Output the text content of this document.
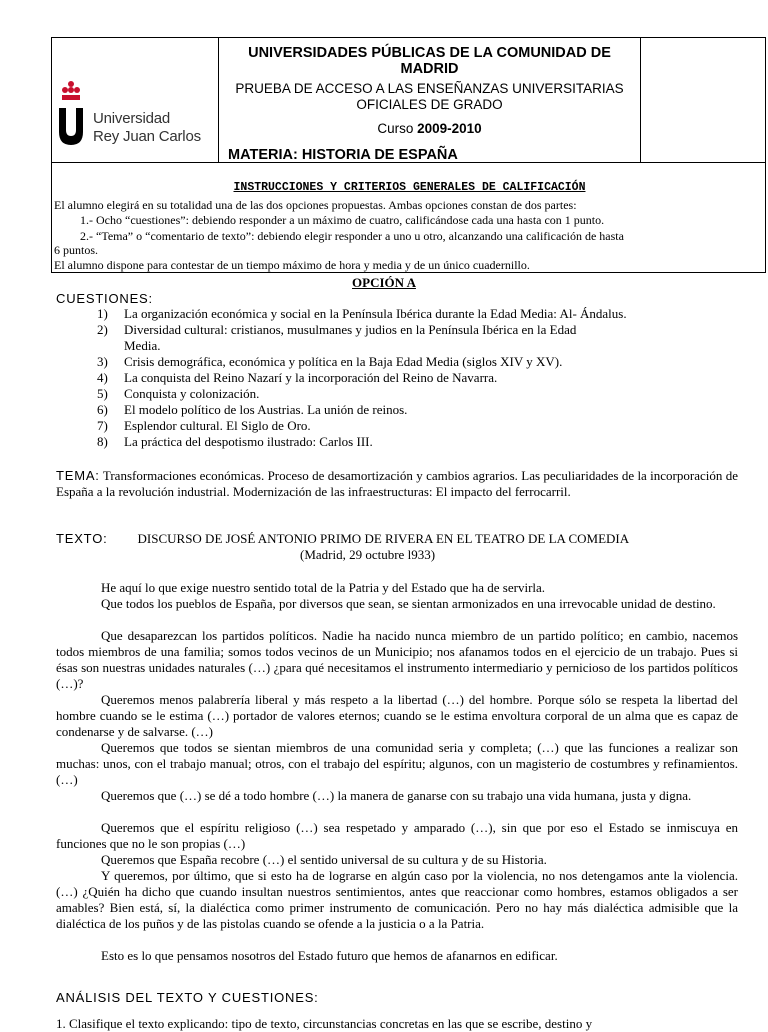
Universidad
Rey Juan Carlos
UNIVERSIDADES PÚBLICAS DE LA COMUNIDAD DE MADRID
PRUEBA DE ACCESO A LAS ENSEÑANZAS UNIVERSITARIAS
OFICIALES DE GRADO
Curso 2009-2010
MATERIA: HISTORIA DE ESPAÑA
INSTRUCCIONES Y CRITERIOS GENERALES DE CALIFICACIÓN

El alumno elegirá en su totalidad una de las dos opciones propuestas. Ambas opciones constan de dos partes:

1.- Ocho “cuestiones”: debiendo responder a un máximo de cuatro, calificándose cada una hasta con 1 punto.

2.- “Tema” o “comentario de texto”: debiendo elegir responder a uno u otro, alcanzando una calificación de hasta

6 puntos.

El alumno dispone para contestar de un tiempo máximo de hora y media y de un único cuadernillo.

OPCIÓN A
CUESTIONES:
1) La organización económica y social en la Península Ibérica durante la Edad Media: Al- Ándalus.
2) Diversidad cultural: cristianos, musulmanes y judios en la Península Ibérica en la Edad
Media.
3) Crisis demográfica, económica y política en la Baja Edad Media (siglos XIV y XV).
4) La conquista del Reino Nazarí y la incorporación del Reino de Navarra.
5) Conquista y colonización.
6) El modelo político de los Austrias. La unión de reinos.
7) Esplendor cultural. El Siglo de Oro.
8) La práctica del despotismo ilustrado: Carlos III.

TEMA: Transformaciones económicas. Proceso de desamortización y cambios agrarios. Las peculiaridades de la incorporación de España a la revolución industrial. Modernización de las infraestructuras: El impacto del ferrocarril.

TEXTO: DISCURSO DE JOSÉ ANTONIO PRIMO DE RIVERA EN EL TEATRO DE LA COMEDIA
(Madrid, 29 octubre l933)

He aquí lo que exige nuestro sentido total de la Patria y del Estado que ha de servirla.

Que todos los pueblos de España, por diversos que sean, se sientan armonizados en una irrevocable unidad de destino.

Que desaparezcan los partidos políticos. Nadie ha nacido nunca miembro de un partido político; en cambio, nacemos todos miembros de una familia; somos todos vecinos de un Municipio; nos afanamos todos en el ejercicio de un trabajo. Pues si ésas son nuestras unidades naturales (…) ¿para qué necesitamos el instrumento intermediario y pernicioso de los partidos políticos (…)?

Queremos menos palabrería liberal y más respeto a la libertad (…) del hombre. Porque sólo se respeta la libertad del hombre cuando se le estima (…) portador de valores eternos; cuando se le estima envoltura corporal de un alma que es capaz de condenarse y de salvarse. (…)

Queremos que todos se sientan miembros de una comunidad seria y completa; (…) que las funciones a realizar son muchas: unos, con el trabajo manual; otros, con el trabajo del espíritu; algunos, con un magisterio de costumbres y refinamientos. (…)

Queremos que (…) se dé a todo hombre (…) la manera de ganarse con su trabajo una vida humana, justa y digna.

Queremos que el espíritu religioso (…) sea respetado y amparado (…), sin que por eso el Estado se inmiscuya en funciones que no le son propias (…)

Queremos que España recobre (…) el sentido universal de su cultura y de su Historia.

Y queremos, por último, que si esto ha de lograrse en algún caso por la violencia, no nos detengamos ante la violencia. (…) ¿Quién ha dicho que cuando insultan nuestros sentimientos, antes que reaccionar como hombres, estamos obligados a ser amables? Bien está, sí, la dialéctica como primer instrumento de comunicación. Pero no hay más dialéctica admisible que la dialéctica de los puños y de las pistolas cuando se ofende a la justicia o a la Patria.

Esto es lo que pensamos nosotros del Estado futuro que hemos de afanarnos en edificar.

ANÁLISIS DEL TEXTO Y CUESTIONES:
1. Clasifique el texto explicando: tipo de texto, circunstancias concretas en las que se escribe, destino y
